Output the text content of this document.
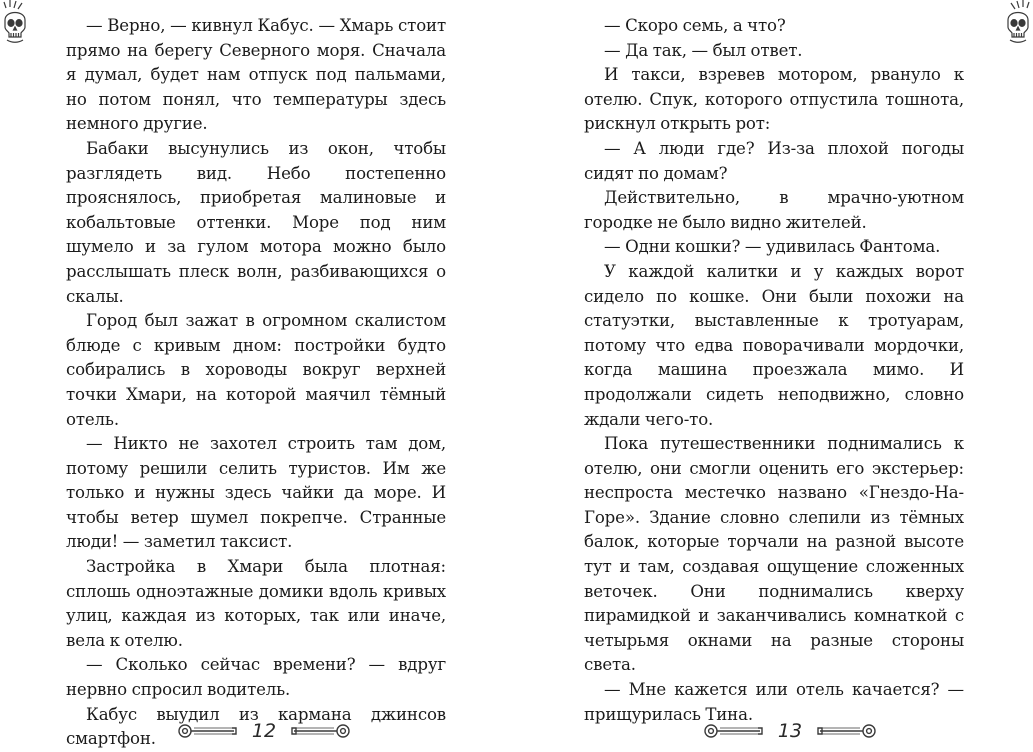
— Верно, — кивнул Кабус. — Хмарь стоит прямо на берегу Северного моря. Сначала я думал, будет нам отпуск под пальмами, но потом понял, что температуры здесь немного другие.

Бабаки высунулись из окон, чтобы разглядеть вид. Небо постепенно прояснялось, приобретая малиновые и кобальтовые оттенки. Море под ним шумело и за гулом мотора можно было расслышать плеск волн, разбивающихся о скалы.

Город был зажат в огромном скалистом блюде с кривым дном: постройки будто собирались в хороводы вокруг верхней точки Хмари, на которой маячил тёмный отель.

— Никто не захотел строить там дом, потому решили селить туристов. Им же только и нужны здесь чайки да море. И чтобы ветер шумел покрепче. Странные люди! — заметил таксист.

Застройка в Хмари была плотная: сплошь одноэтажные домики вдоль кривых улиц, каждая из которых, так или иначе, вела к отелю.

— Сколько сейчас времени? — вдруг нервно спросил водитель.

Кабус выудил из кармана джинсов смартфон.	12

— Скоро семь, а что?

— Да так, — был ответ.

И такси, взревев мотором, рвануло к отелю. Спук, которого отпустила тошнота, рискнул открыть рот:

— А люди где? Из-за плохой погоды сидят по домам?

Действительно, в мрачно-уютном городке не было видно жителей.

— Одни кошки? — удивилась Фантома.

У каждой калитки и у каждых ворот сидело по кошке. Они были похожи на статуэтки, выставленные к тротуарам, потому что едва поворачивали мордочки, когда машина проезжала мимо. И продолжали сидеть неподвижно, словно ждали чего-то.

Пока путешественники поднимались к отелю, они смогли оценить его экстерьер: неспроста местечко названо «Гнездо-На-Горе». Здание словно слепили из тёмных балок, которые торчали на разной высоте тут и там, создавая ощущение сложенных веточек. Они поднимались кверху пирамидкой и заканчивались комнаткой с четырьмя окнами на разные стороны света.

— Мне кажется или отель качается? — прищурилась Тина.

13
